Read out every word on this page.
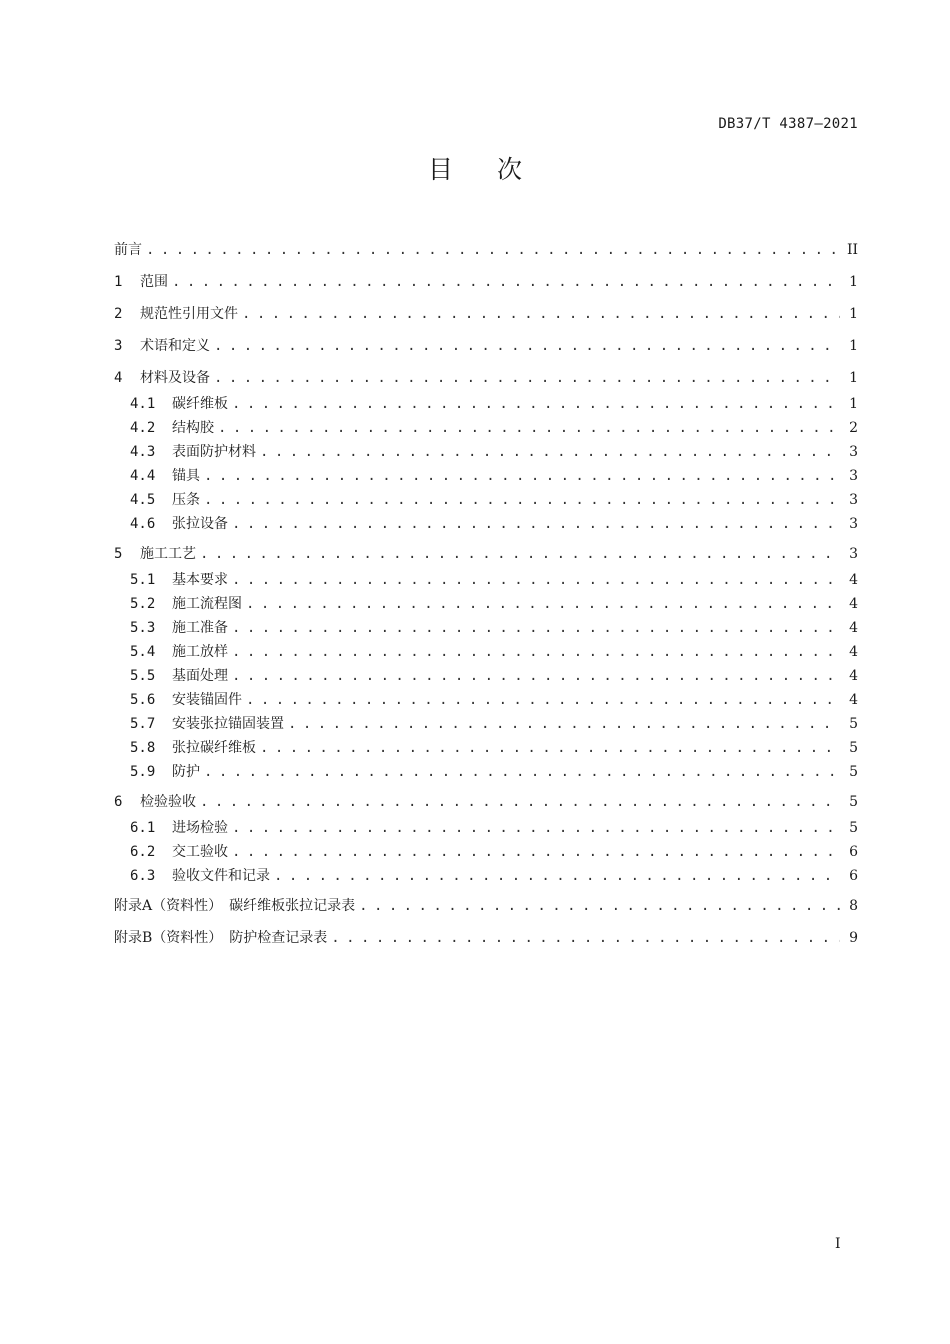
DB37/T 4387—2021
目次
前言 . . .	II
1	范围 . . .	1
2	规范性引用文件 . . .	1
3	术语和定义 . . .	1
4	材料及设备 . . .	1
4.1	碳纤维板 . . .	1
4.2	结构胶 . . .	2
4.3	表面防护材料 . . .	3
4.4	锚具 . . .	3
4.5	压条 . . .	3
4.6	张拉设备 . . .	3
5	施工工艺 . . .	3
5.1	基本要求 . . .	4
5.2	施工流程图 . . .	4
5.3	施工准备 . . .	4
5.4	施工放样 . . .	4
5.5	基面处理 . . .	4
5.6	安装锚固件 . . .	4
5.7	安装张拉锚固装置 . . .	5
5.8	张拉碳纤维板 . . .	5
5.9	防护 . . .	5
6	检验验收 . . .	5
6.1	进场检验 . . .	5
6.2	交工验收 . . .	6
6.3	验收文件和记录 . . .	6
附录A（资料性）　碳纤维板张拉记录表 . . .	8
附录B（资料性）　防护检查记录表 . . .	9
I
